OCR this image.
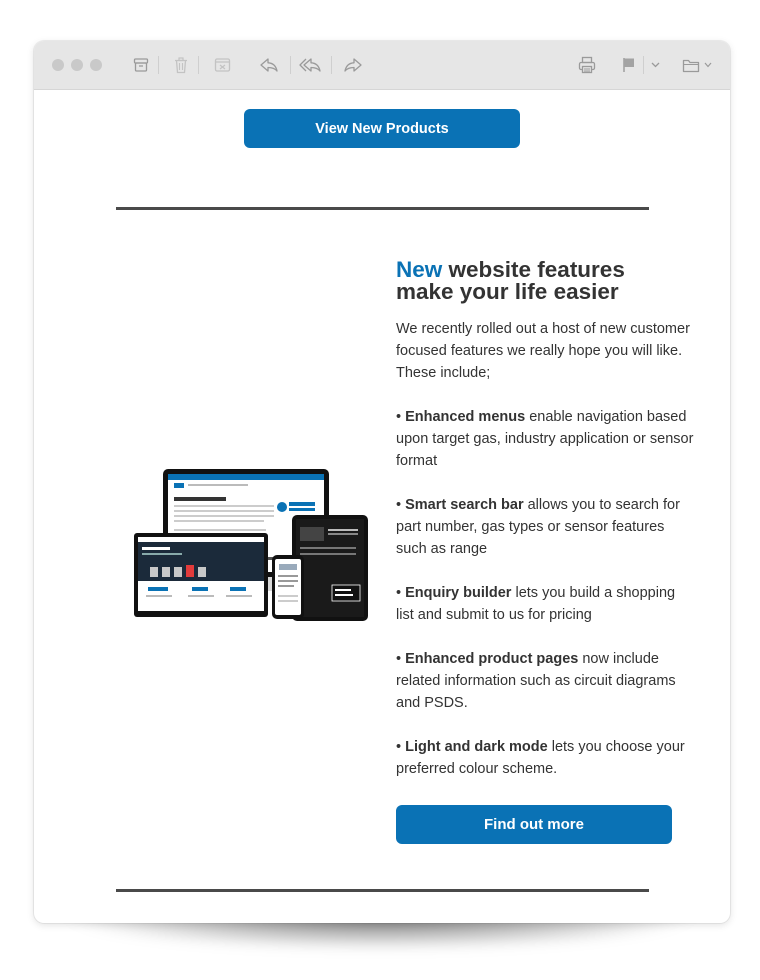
View New Products
New website features make your life easier
We recently rolled out a host of new customer focused features we really hope you will like. These include;
• Enhanced menus enable navigation based upon target gas, industry application or sensor format
• Smart search bar allows you to search for part number, gas types or sensor features such as range
• Enquiry builder lets you build a shopping list and submit to us for pricing
• Enhanced product pages now include related information such as circuit diagrams and PSDS.
• Light and dark mode lets you choose your preferred colour scheme.
Find out more
